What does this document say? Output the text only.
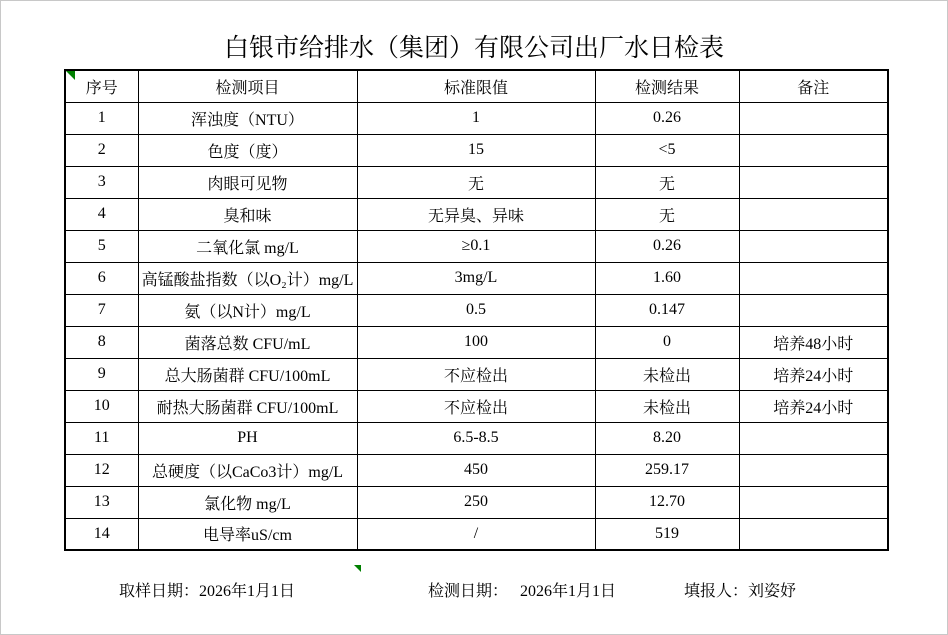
白银市给排水（集团）有限公司出厂水日检表
序号	检测项目	标准限值	检测结果	备注
1	浑浊度（NTU）	1	0.26	
2	色度（度）	15	<5	
3	肉眼可见物	无	无	
4	臭和味	无异臭、异味	无	
5	二氧化氯 mg/L	≥0.1	0.26	
6	高锰酸盐指数（以O₂计）mg/L	3mg/L	1.60	
7	氨（以N计）mg/L	0.5	0.147	
8	菌落总数 CFU/mL	100	0	培养48小时
9	总大肠菌群 CFU/100mL	不应检出	未检出	培养24小时
10	耐热大肠菌群 CFU/100mL	不应检出	未检出	培养24小时
11	PH	6.5-8.5	8.20	
12	总硬度（以CaCo3计）mg/L	450	259.17	
13	氯化物 mg/L	250	12.70	
14	电导率uS/cm	/	519	
取样日期：2026年1月1日	检测日期： 2026年1月1日	填报人：刘姿妤
